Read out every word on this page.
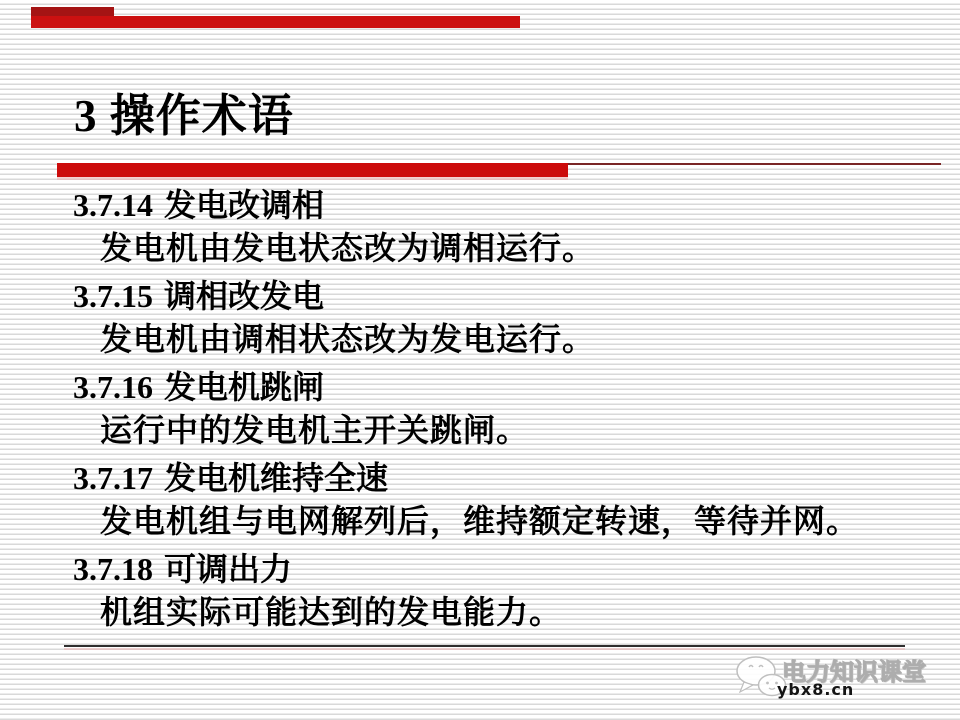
3 操作术语
3.7.14 发电改调相
发电机由发电状态改为调相运行。
3.7.15 调相改发电
发电机由调相状态改为发电运行。
3.7.16 发电机跳闸
运行中的发电机主开关跳闸。
3.7.17 发电机维持全速
发电机组与电网解列后，维持额定转速，等待并网。
3.7.18 可调出力
机组实际可能达到的发电能力。
电力知识课堂
ybx8.cn
